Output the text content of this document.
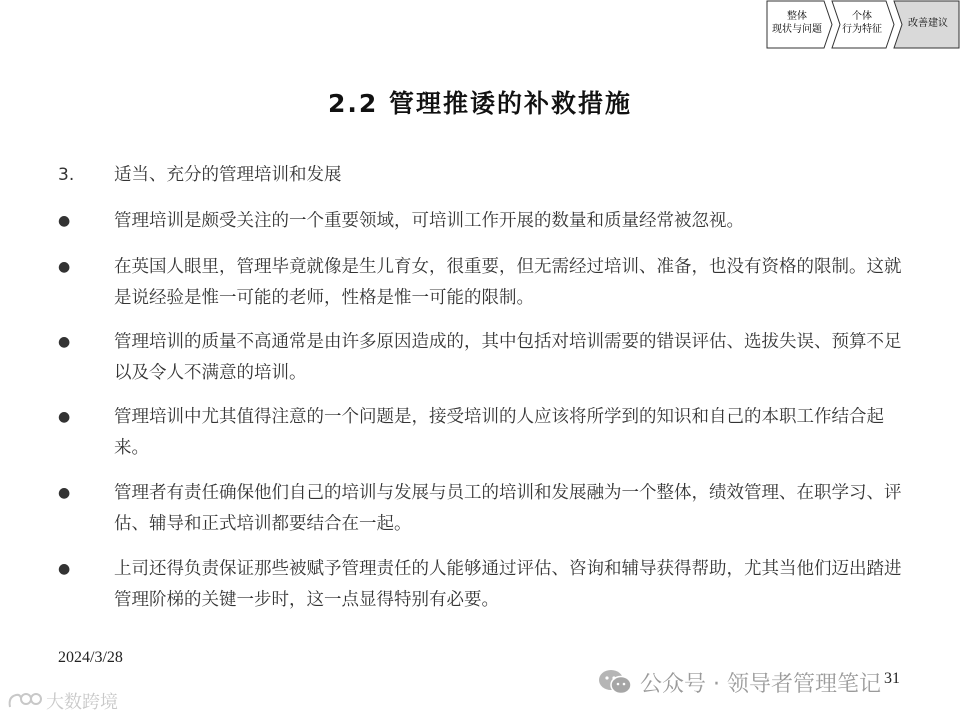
整体
现状与问题
个体
行为特征
改善建议
2.2 管理推诿的补救措施
3. 适当、充分的管理培训和发展
●	管理培训是颇受关注的一个重要领域，可培训工作开展的数量和质量经常被忽视。
●	在英国人眼里，管理毕竟就像是生儿育女，很重要，但无需经过培训、准备，也没有资格的限制。这就是说经验是惟一可能的老师，性格是惟一可能的限制。
●	管理培训的质量不高通常是由许多原因造成的，其中包括对培训需要的错误评估、选拔失误、预算不足以及令人不满意的培训。
●	管理培训中尤其值得注意的一个问题是，接受培训的人应该将所学到的知识和自己的本职工作结合起来。
●	管理者有责任确保他们自己的培训与发展与员工的培训和发展融为一个整体，绩效管理、在职学习、评估、辅导和正式培训都要结合在一起。
●	上司还得负责保证那些被赋予管理责任的人能够通过评估、咨询和辅导获得帮助，尤其当他们迈出踏进管理阶梯的关键一步时，这一点显得特别有必要。
2024/3/28
公众号 · 领导者管理笔记 31
大数跨境
